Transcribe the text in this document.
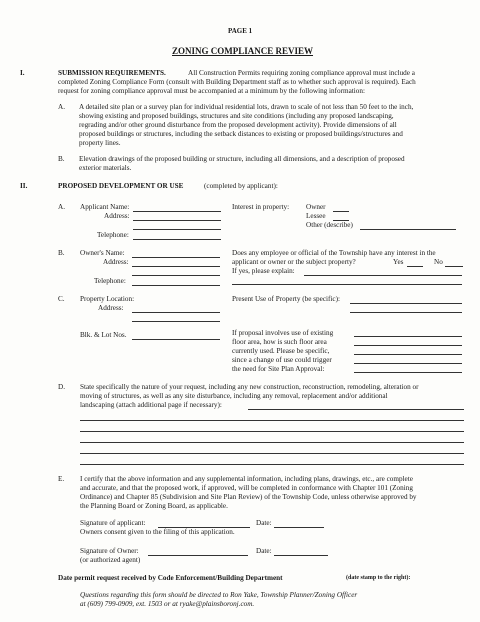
PAGE 1
ZONING COMPLIANCE REVIEW
I.	SUBMISSION REQUIREMENTS.	All Construction Permits requiring zoning compliance approval must include a
completed Zoning Compliance Form (consult with Building Department staff as to whether such approval is required). Each
request for zoning compliance approval must be accompanied at a minimum by the following information:
A. A detailed site plan or a survey plan for individual residential lots, drawn to scale of not less than 50 feet to the inch,
showing existing and proposed buildings, structures and site conditions (including any proposed landscaping,
regrading and/or other ground disturbance from the proposed development activity). Provide dimensions of all
proposed buildings or structures, including the setback distances to existing or proposed buildings/structures and
property lines.
B. Elevation drawings of the proposed building or structure, including all dimensions, and a description of proposed
exterior materials.
II.	PROPOSED DEVELOPMENT OR USE	(completed by applicant):
A. Applicant Name:
Address:
Telephone:
Interest in property: Owner
Lessee
Other (describe)
B. Owner's Name:
Address:
Telephone:
Does any employee or official of the Township have any interest in the
applicant or owner or the subject property?	Yes	No
If yes, please explain:
C. Property Location:
Address:
Present Use of Property (be specific):
Blk. & Lot Nos.	If proposal involves use of existing
floor area, how is such floor area
currently used. Please be specific,
since a change of use could trigger
the need for Site Plan Approval:
D. State specifically the nature of your request, including any new construction, reconstruction, remodeling, alteration or
moving of structures, as well as any site disturbance, including any removal, replacement and/or additional
landscaping (attach additional page if necessary):
E. I certify that the above information and any supplemental information, including plans, drawings, etc., are complete
and accurate, and that the proposed work, if approved, will be completed in conformance with Chapter 101 (Zoning
Ordinance) and Chapter 85 (Subdivision and Site Plan Review) of the Township Code, unless otherwise approved by
the Planning Board or Zoning Board, as applicable.
Signature of applicant:	Date:
Owners consent given to the filing of this application.
Signature of Owner:	Date:
(or authorized agent)
Date permit request received by Code Enforcement/Building Department	(date stamp to the right):
Questions regarding this form should be directed to Ron Yake, Township Planner/Zoning Officer
at (609) 799-0909, ext. 1503 or at ryake@plainsboronj.com.
